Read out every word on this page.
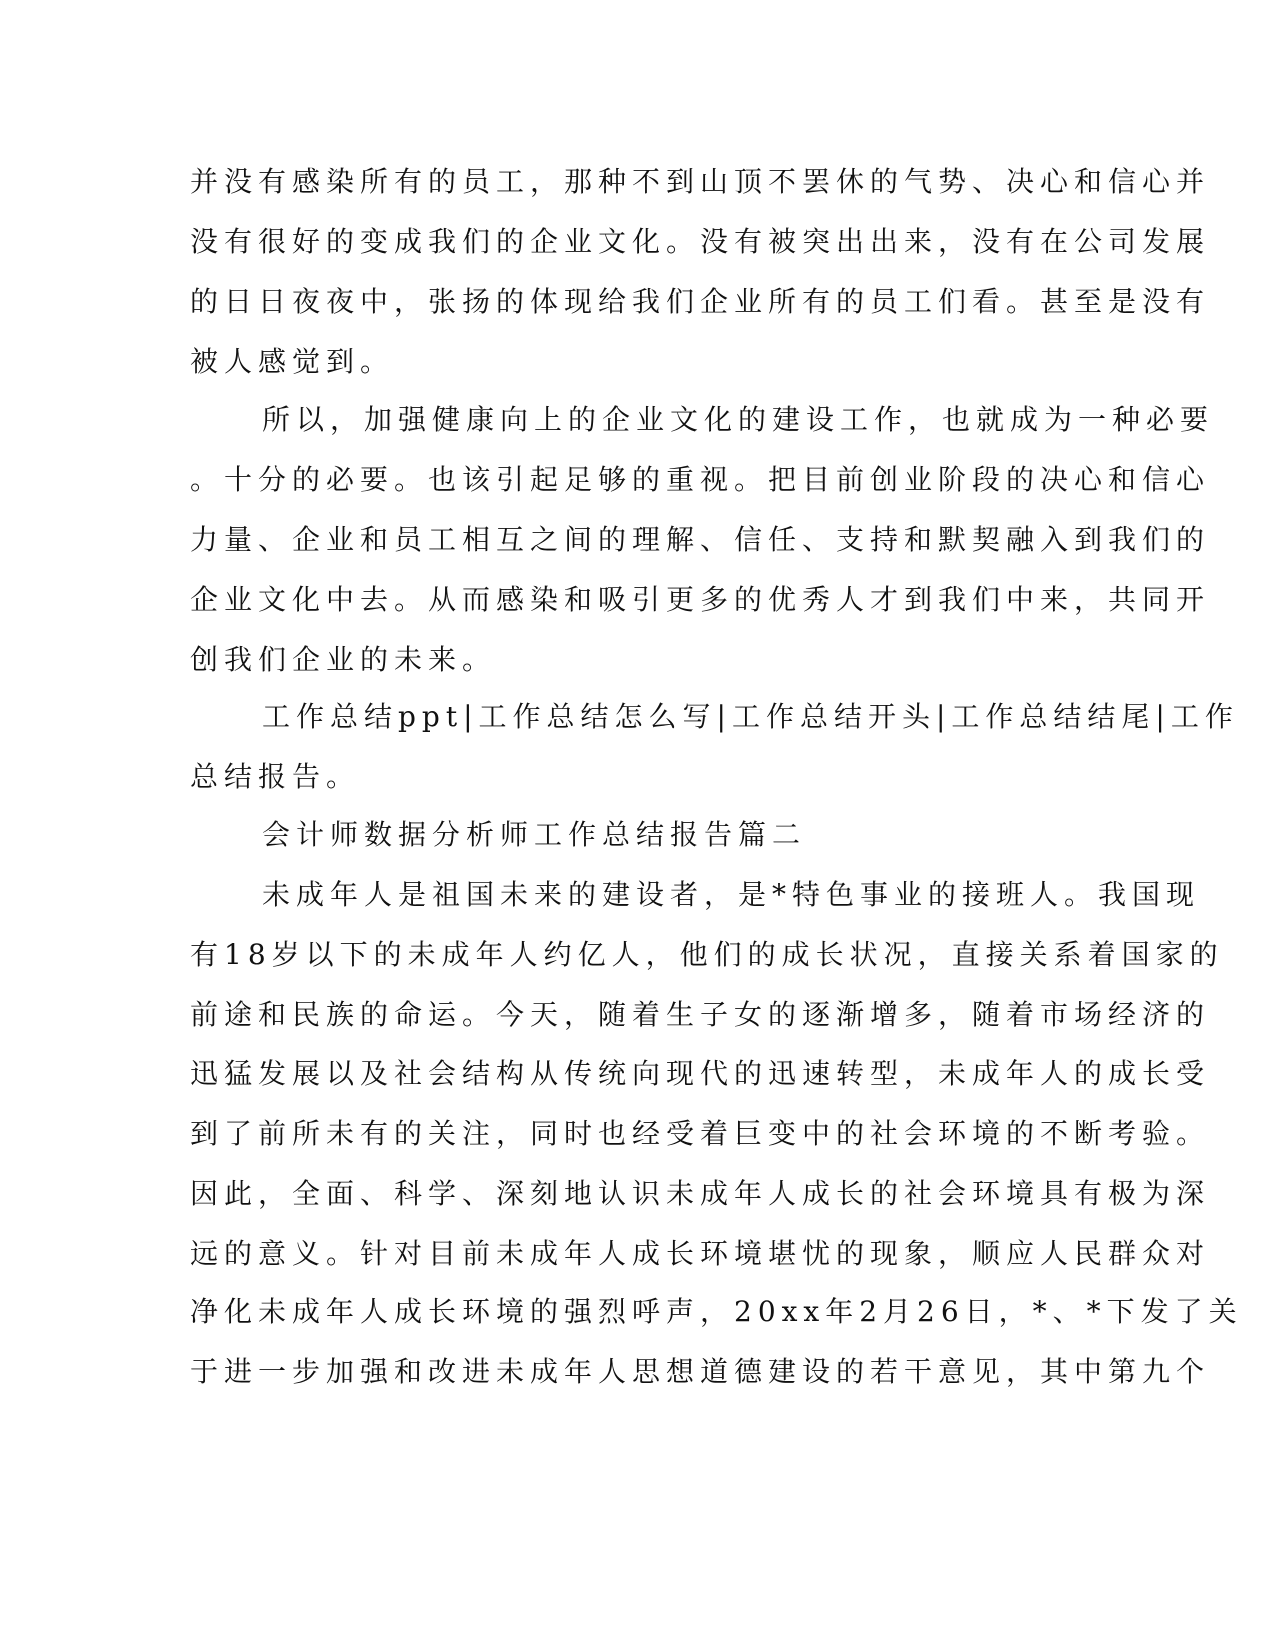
并没有感染所有的员工，那种不到山顶不罢休的气势、决心和信心并
没有很好的变成我们的企业文化。没有被突出出来，没有在公司发展
的日日夜夜中，张扬的体现给我们企业所有的员工们看。甚至是没有
被人感觉到。
所以，加强健康向上的企业文化的建设工作，也就成为一种必要
。十分的必要。也该引起足够的重视。把目前创业阶段的决心和信心
力量、企业和员工相互之间的理解、信任、支持和默契融入到我们的
企业文化中去。从而感染和吸引更多的优秀人才到我们中来，共同开
创我们企业的未来。
工作总结ppt|工作总结怎么写|工作总结开头|工作总结结尾|工作
总结报告。
会计师数据分析师工作总结报告篇二
未成年人是祖国未来的建设者，是*特色事业的接班人。我国现
有18岁以下的未成年人约亿人，他们的成长状况，直接关系着国家的
前途和民族的命运。今天，随着生子女的逐渐增多，随着市场经济的
迅猛发展以及社会结构从传统向现代的迅速转型，未成年人的成长受
到了前所未有的关注，同时也经受着巨变中的社会环境的不断考验。
因此，全面、科学、深刻地认识未成年人成长的社会环境具有极为深
远的意义。针对目前未成年人成长环境堪忧的现象，顺应人民群众对
净化未成年人成长环境的强烈呼声，20xx年2月26日，*、*下发了关
于进一步加强和改进未成年人思想道德建设的若干意见，其中第九个
